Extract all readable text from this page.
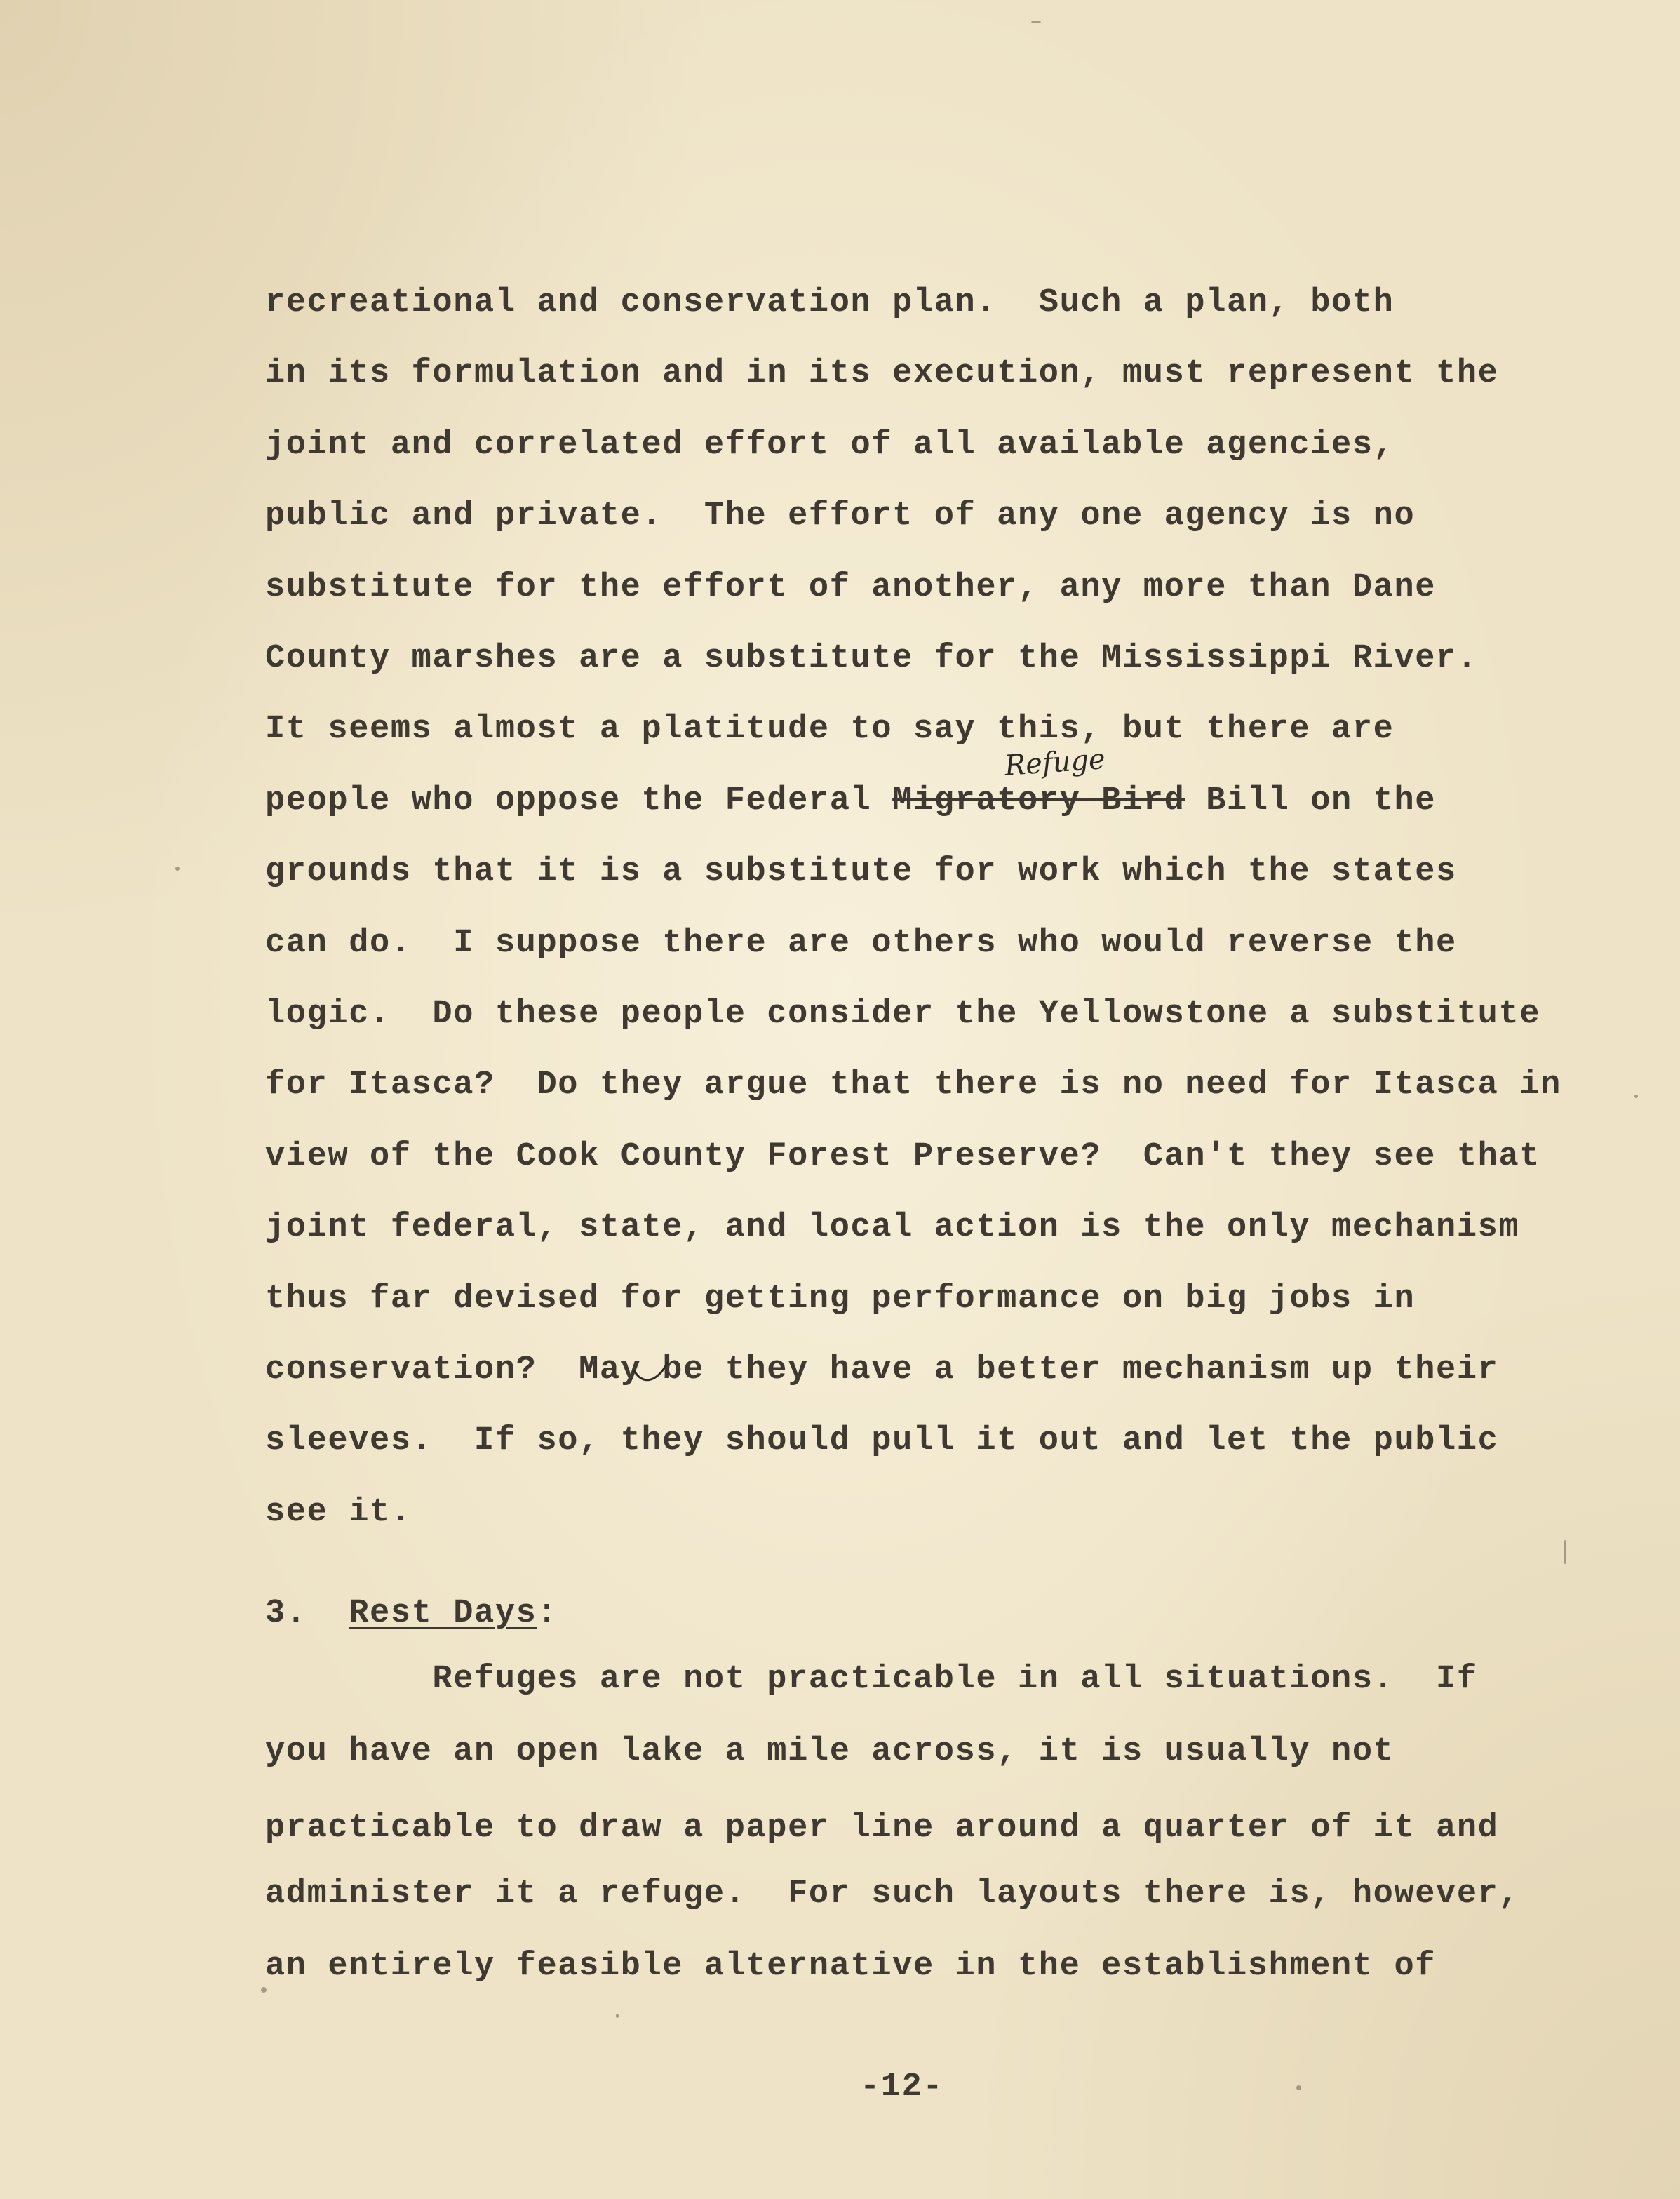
recreational and conservation plan.  Such a plan, both
in its formulation and in its execution, must represent the
joint and correlated effort of all available agencies,
public and private.  The effort of any one agency is no
substitute for the effort of another, any more than Dane
County marshes are a substitute for the Mississippi River.
It seems almost a platitude to say this, but there are
people who oppose the Federal Migratory Bird Bill on the
Refuge
grounds that it is a substitute for work which the states
can do.  I suppose there are others who would reverse the
logic.  Do these people consider the Yellowstone a substitute
for Itasca?  Do they argue that there is no need for Itasca in
view of the Cook County Forest Preserve?  Can't they see that
joint federal, state, and local action is the only mechanism
thus far devised for getting performance on big jobs in
conservation?  May be they have a better mechanism up their
sleeves.  If so, they should pull it out and let the public
see it.
3. Rest Days:
Refuges are not practicable in all situations.  If
you have an open lake a mile across, it is usually not
practicable to draw a paper line around a quarter of it and
administer it a refuge.  For such layouts there is, however,
an entirely feasible alternative in the establishment of
-12-
